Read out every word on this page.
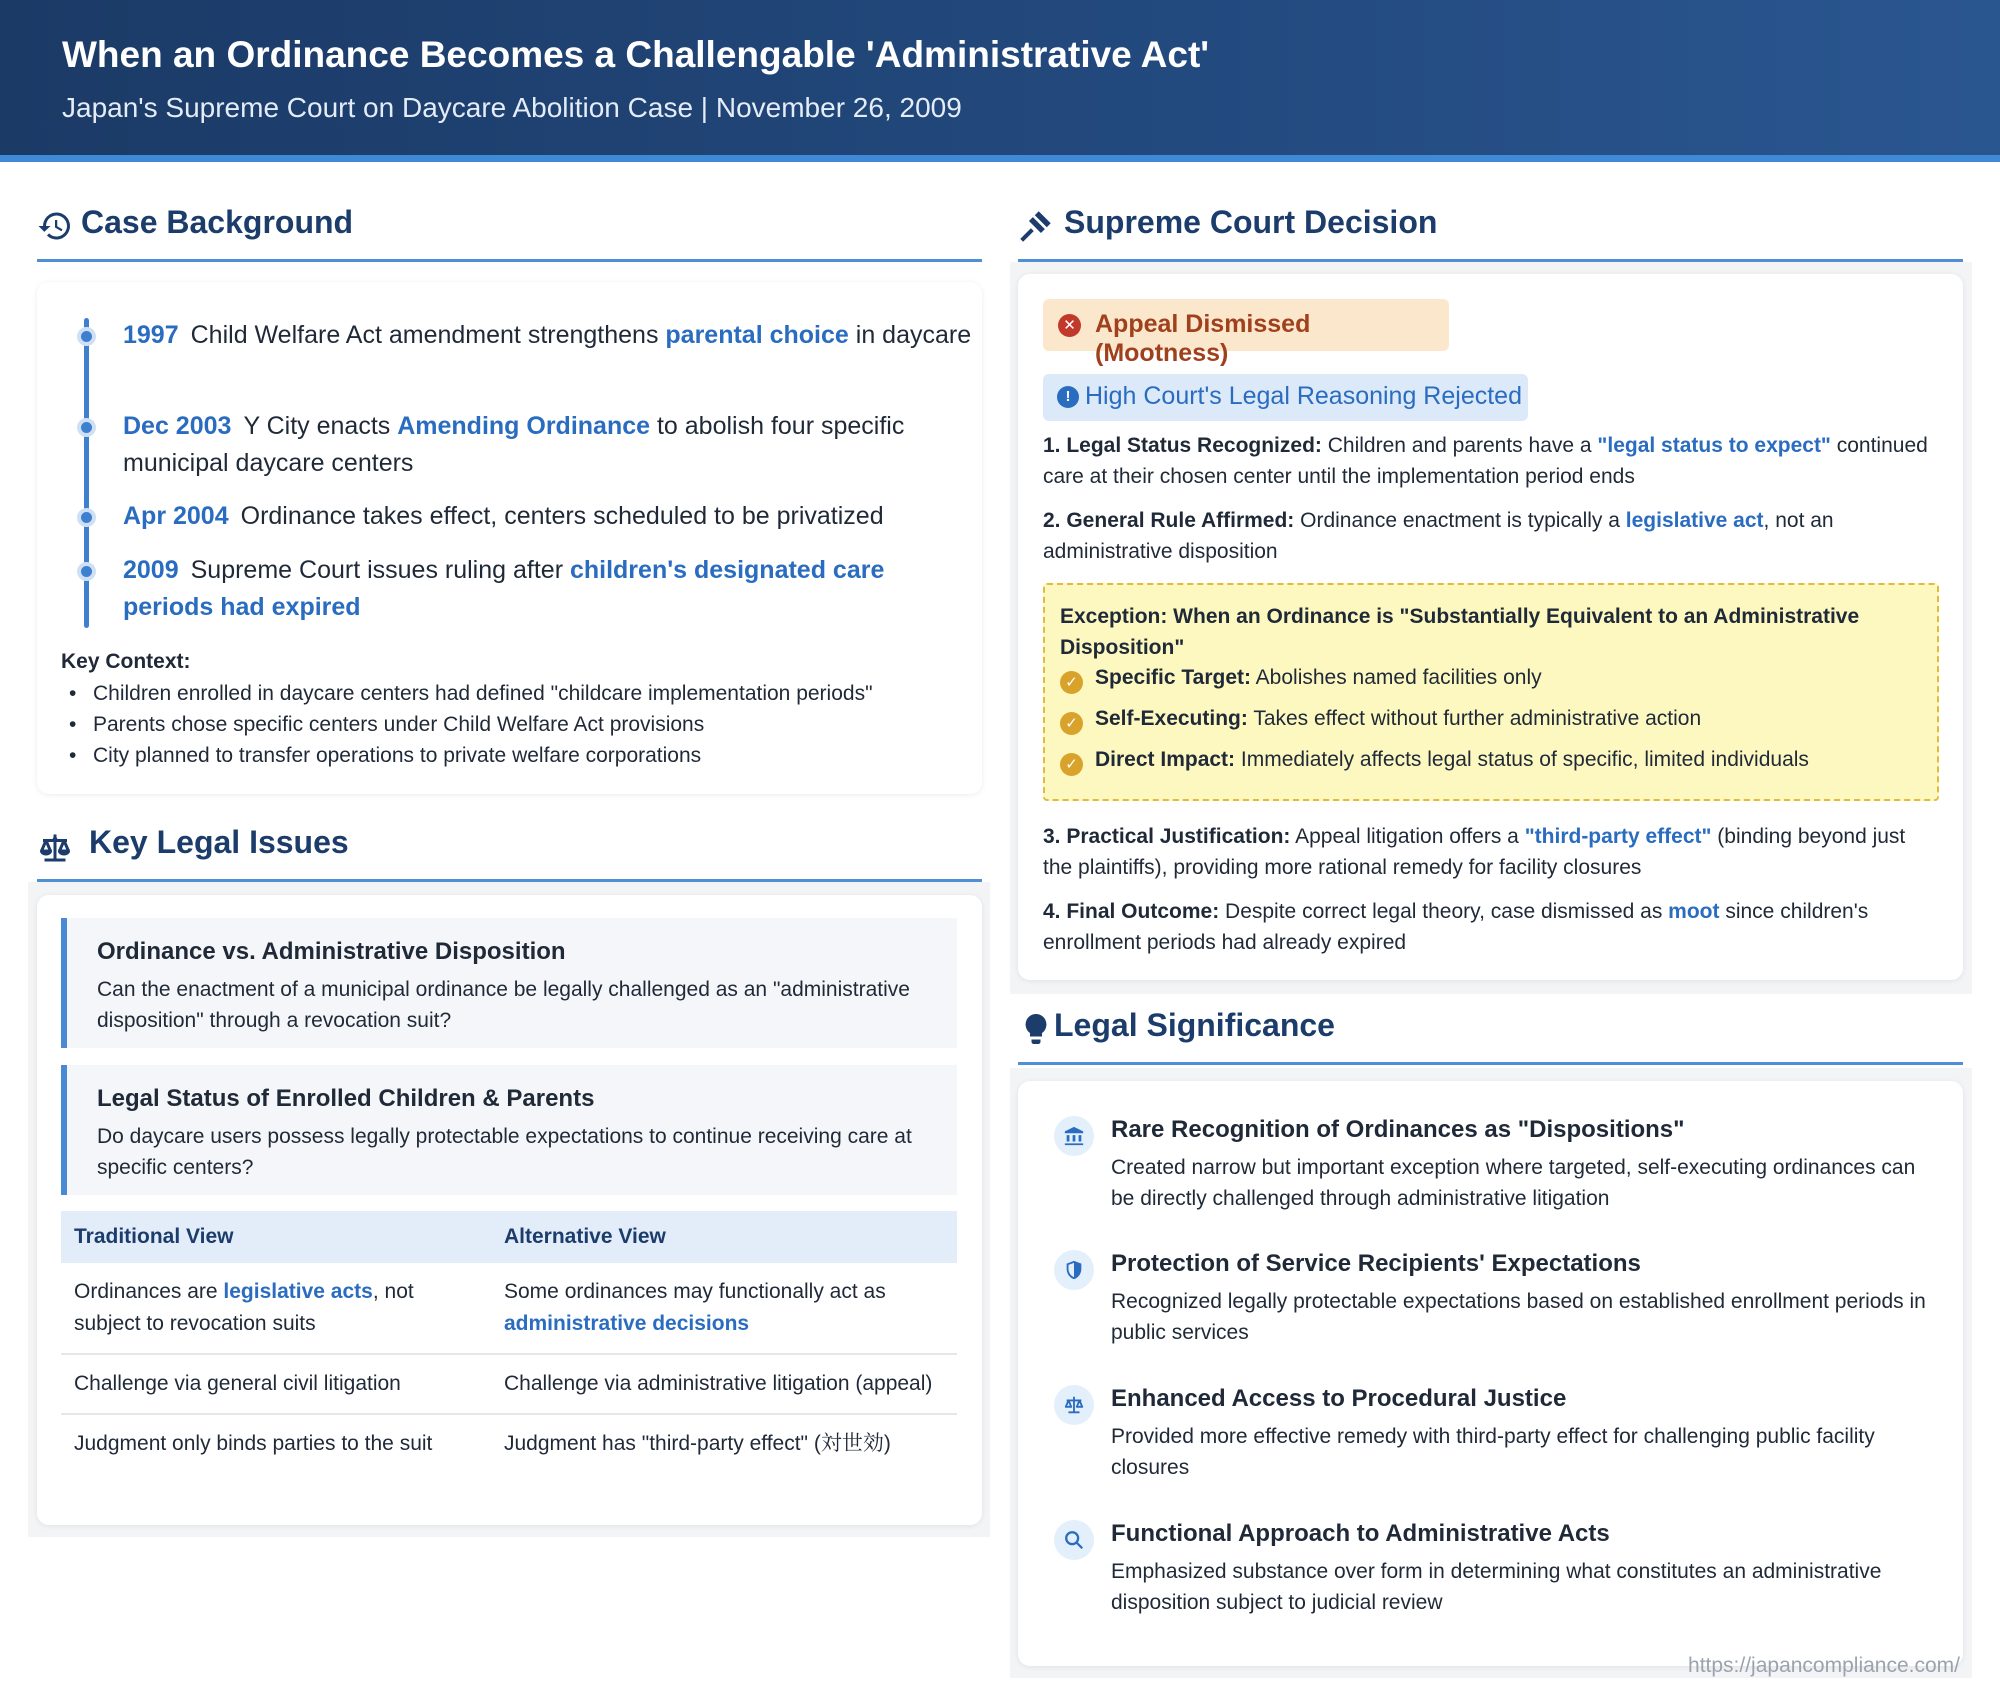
When an Ordinance Becomes a Challengable 'Administrative Act'
Japan's Supreme Court on Daycare Abolition Case | November 26, 2009
Case Background
1997 Child Welfare Act amendment strengthens parental choice in daycare
Dec 2003 Y City enacts Amending Ordinance to abolish four specific municipal daycare centers
Apr 2004 Ordinance takes effect, centers scheduled to be privatized
2009 Supreme Court issues ruling after children's designated care periods had expired
Key Context:
• Children enrolled in daycare centers had defined "childcare implementation periods"
• Parents chose specific centers under Child Welfare Act provisions
• City planned to transfer operations to private welfare corporations
Key Legal Issues
Ordinance vs. Administrative Disposition
Can the enactment of a municipal ordinance be legally challenged as an "administrative disposition" through a revocation suit?
Legal Status of Enrolled Children & Parents
Do daycare users possess legally protectable expectations to continue receiving care at specific centers?
Traditional View	Alternative View
Ordinances are legislative acts, not subject to revocation suits	Some ordinances may functionally act as administrative decisions
Challenge via general civil litigation	Challenge via administrative litigation (appeal)
Judgment only binds parties to the suit	Judgment has "third-party effect" (対世効)
Supreme Court Decision
✕ Appeal Dismissed (Mootness)
! High Court's Legal Reasoning Rejected
1. Legal Status Recognized: Children and parents have a "legal status to expect" continued care at their chosen center until the implementation period ends
2. General Rule Affirmed: Ordinance enactment is typically a legislative act, not an administrative disposition
Exception: When an Ordinance is "Substantially Equivalent to an Administrative Disposition"
✓ Specific Target: Abolishes named facilities only
✓ Self-Executing: Takes effect without further administrative action
✓ Direct Impact: Immediately affects legal status of specific, limited individuals
3. Practical Justification: Appeal litigation offers a "third-party effect" (binding beyond just the plaintiffs), providing more rational remedy for facility closures
4. Final Outcome: Despite correct legal theory, case dismissed as moot since children's enrollment periods had already expired
Legal Significance
Rare Recognition of Ordinances as "Dispositions"
Created narrow but important exception where targeted, self-executing ordinances can be directly challenged through administrative litigation
Protection of Service Recipients' Expectations
Recognized legally protectable expectations based on established enrollment periods in public services
Enhanced Access to Procedural Justice
Provided more effective remedy with third-party effect for challenging public facility closures
Functional Approach to Administrative Acts
Emphasized substance over form in determining what constitutes an administrative disposition subject to judicial review
https://japancompliance.com/
